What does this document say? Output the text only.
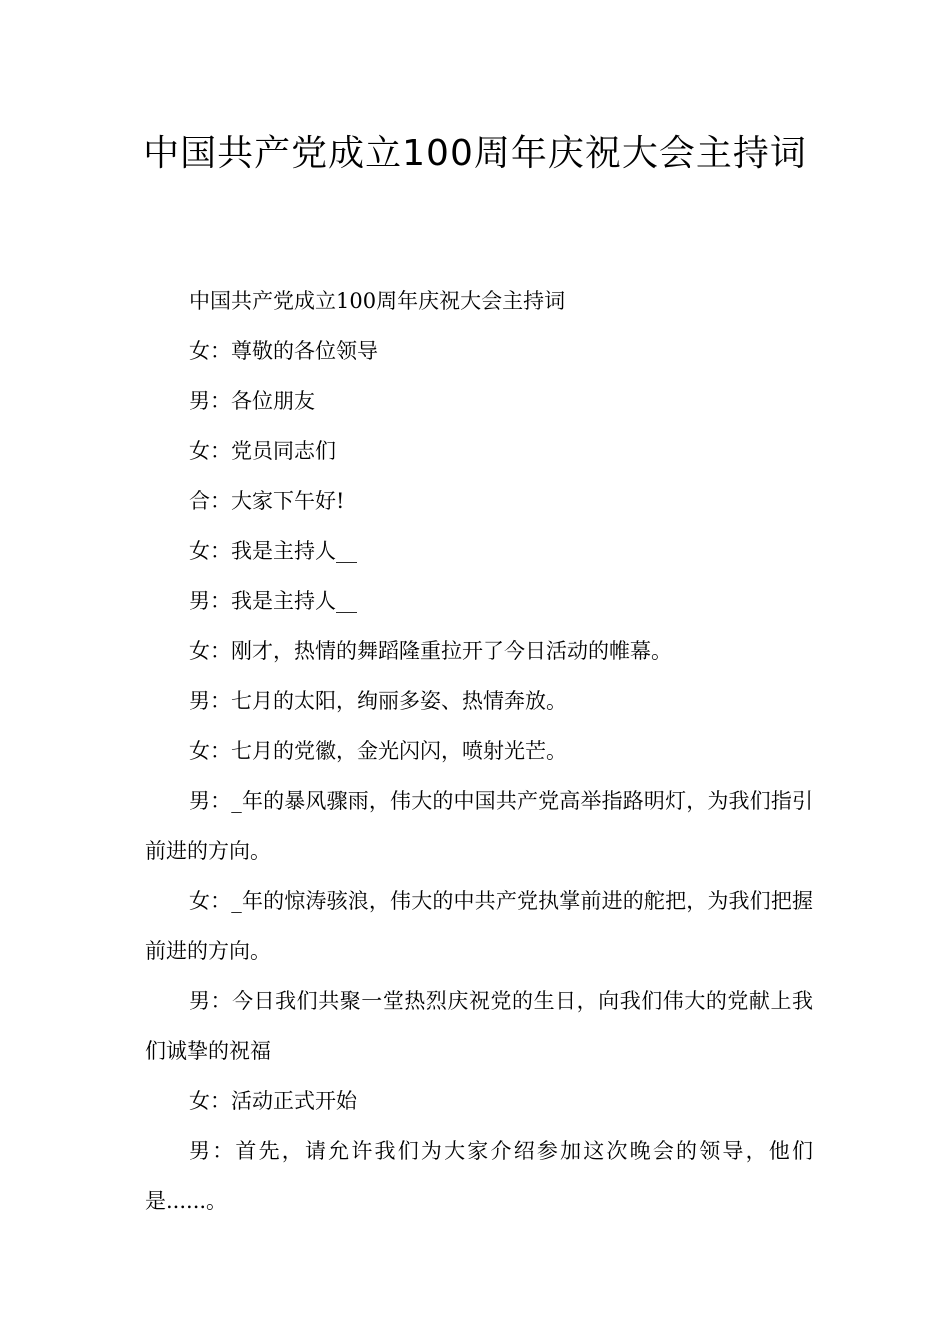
中国共产党成立100周年庆祝大会主持词

中国共产党成立100周年庆祝大会主持词

女：尊敬的各位领导

男：各位朋友

女：党员同志们

合：大家下午好!

女：我是主持人__

男：我是主持人__

女：刚才，热情的舞蹈隆重拉开了今日活动的帷幕。

男：七月的太阳，绚丽多姿、热情奔放。

女：七月的党徽，金光闪闪，喷射光芒。

男：_年的暴风骤雨，伟大的中国共产党高举指路明灯，为我们指引前进的方向。

女：_年的惊涛骇浪，伟大的中共产党执掌前进的舵把，为我们把握前进的方向。

男：今日我们共聚一堂热烈庆祝党的生日，向我们伟大的党献上我们诚挚的祝福

女：活动正式开始

男：首先，请允许我们为大家介绍参加这次晚会的领导，他们是......。
